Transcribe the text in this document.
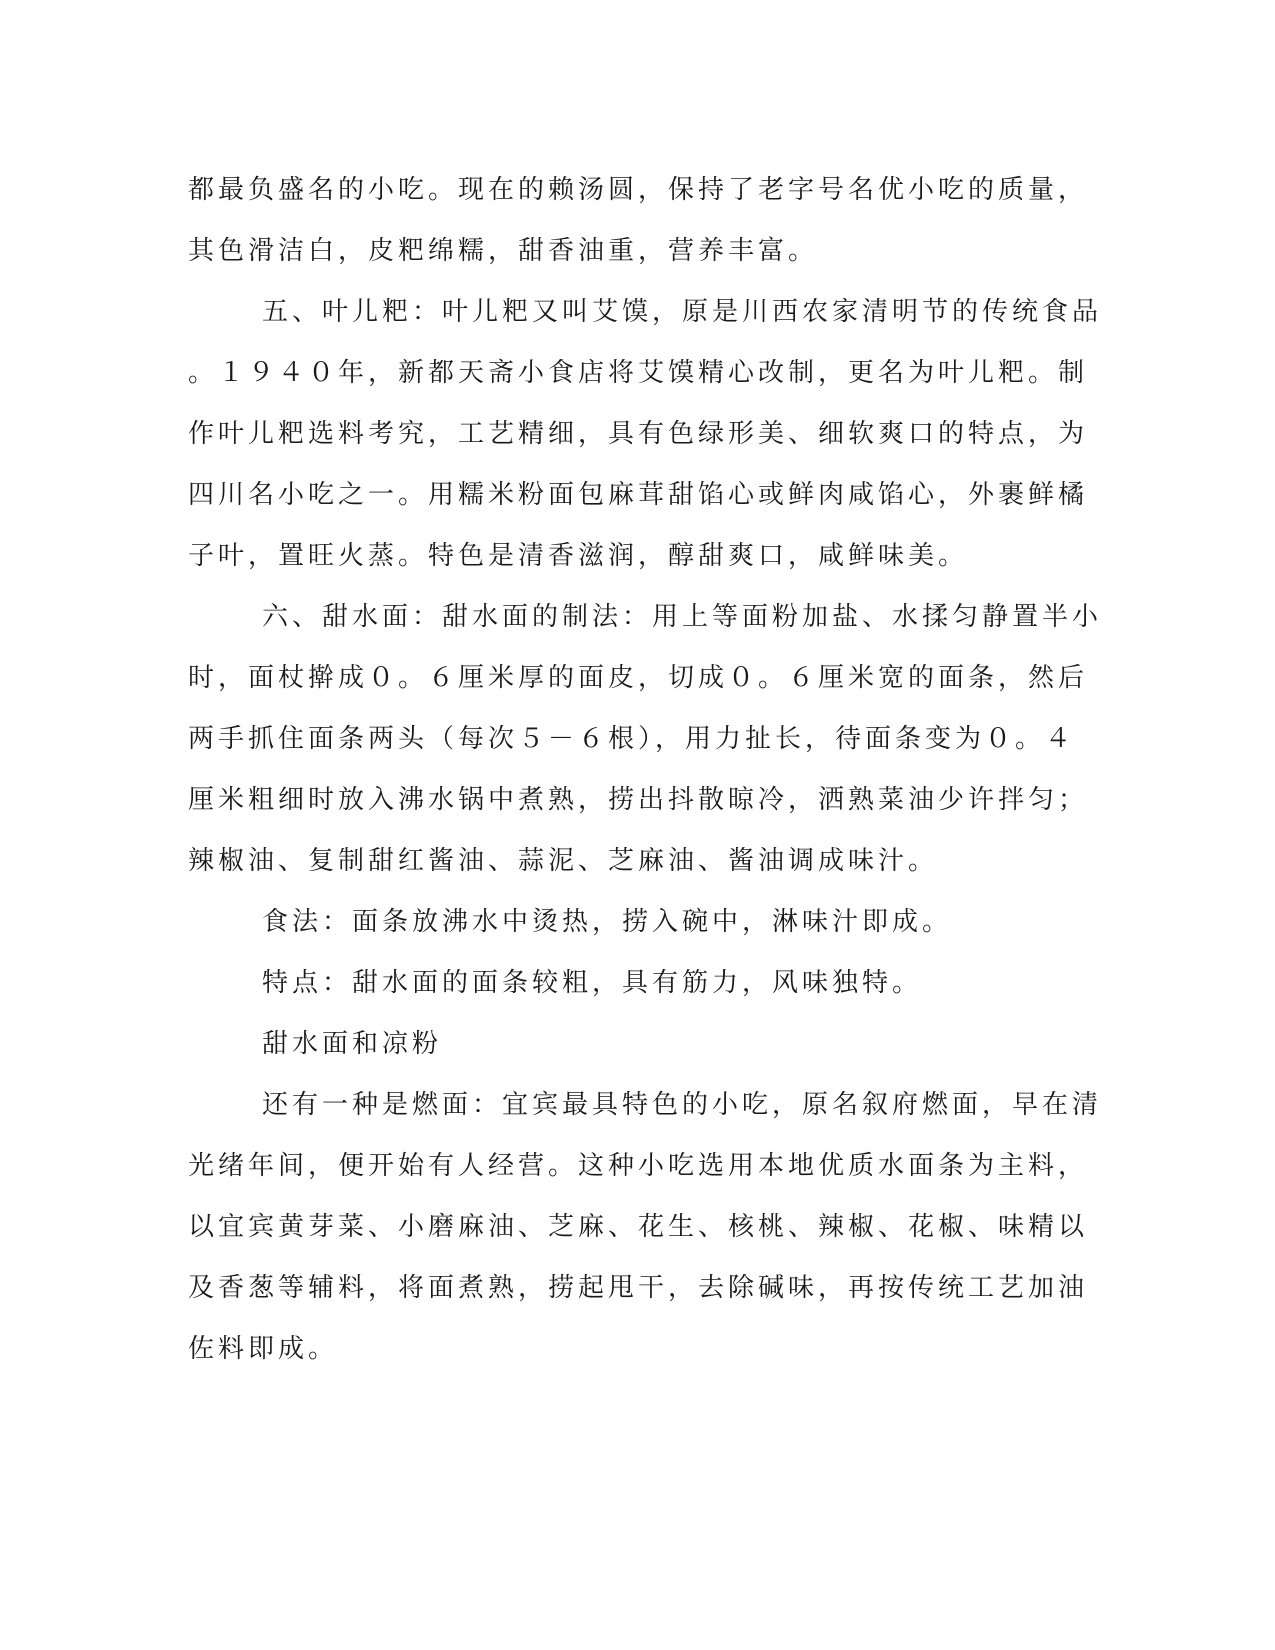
都最负盛名的小吃。现在的赖汤圆，保持了老字号名优小吃的质量，
其色滑洁白，皮粑绵糯，甜香油重，营养丰富。
五、叶儿粑：叶儿粑又叫艾馍，原是川西农家清明节的传统食品
。１９４０年，新都天斋小食店将艾馍精心改制，更名为叶儿粑。制
作叶儿粑选料考究，工艺精细，具有色绿形美、细软爽口的特点，为
四川名小吃之一。用糯米粉面包麻茸甜馅心或鲜肉咸馅心，外裹鲜橘
子叶，置旺火蒸。特色是清香滋润，醇甜爽口，咸鲜味美。
六、甜水面：甜水面的制法：用上等面粉加盐、水揉匀静置半小
时，面杖擀成０。６厘米厚的面皮，切成０。６厘米宽的面条，然后
两手抓住面条两头（每次５－６根），用力扯长，待面条变为０。４
厘米粗细时放入沸水锅中煮熟，捞出抖散晾冷，洒熟菜油少许拌匀；
辣椒油、复制甜红酱油、蒜泥、芝麻油、酱油调成味汁。
食法：面条放沸水中烫热，捞入碗中，淋味汁即成。
特点：甜水面的面条较粗，具有筋力，风味独特。
甜水面和凉粉
还有一种是燃面：宜宾最具特色的小吃，原名叙府燃面，早在清
光绪年间，便开始有人经营。这种小吃选用本地优质水面条为主料，
以宜宾黄芽菜、小磨麻油、芝麻、花生、核桃、辣椒、花椒、味精以
及香葱等辅料，将面煮熟，捞起甩干，去除碱味，再按传统工艺加油
佐料即成。
